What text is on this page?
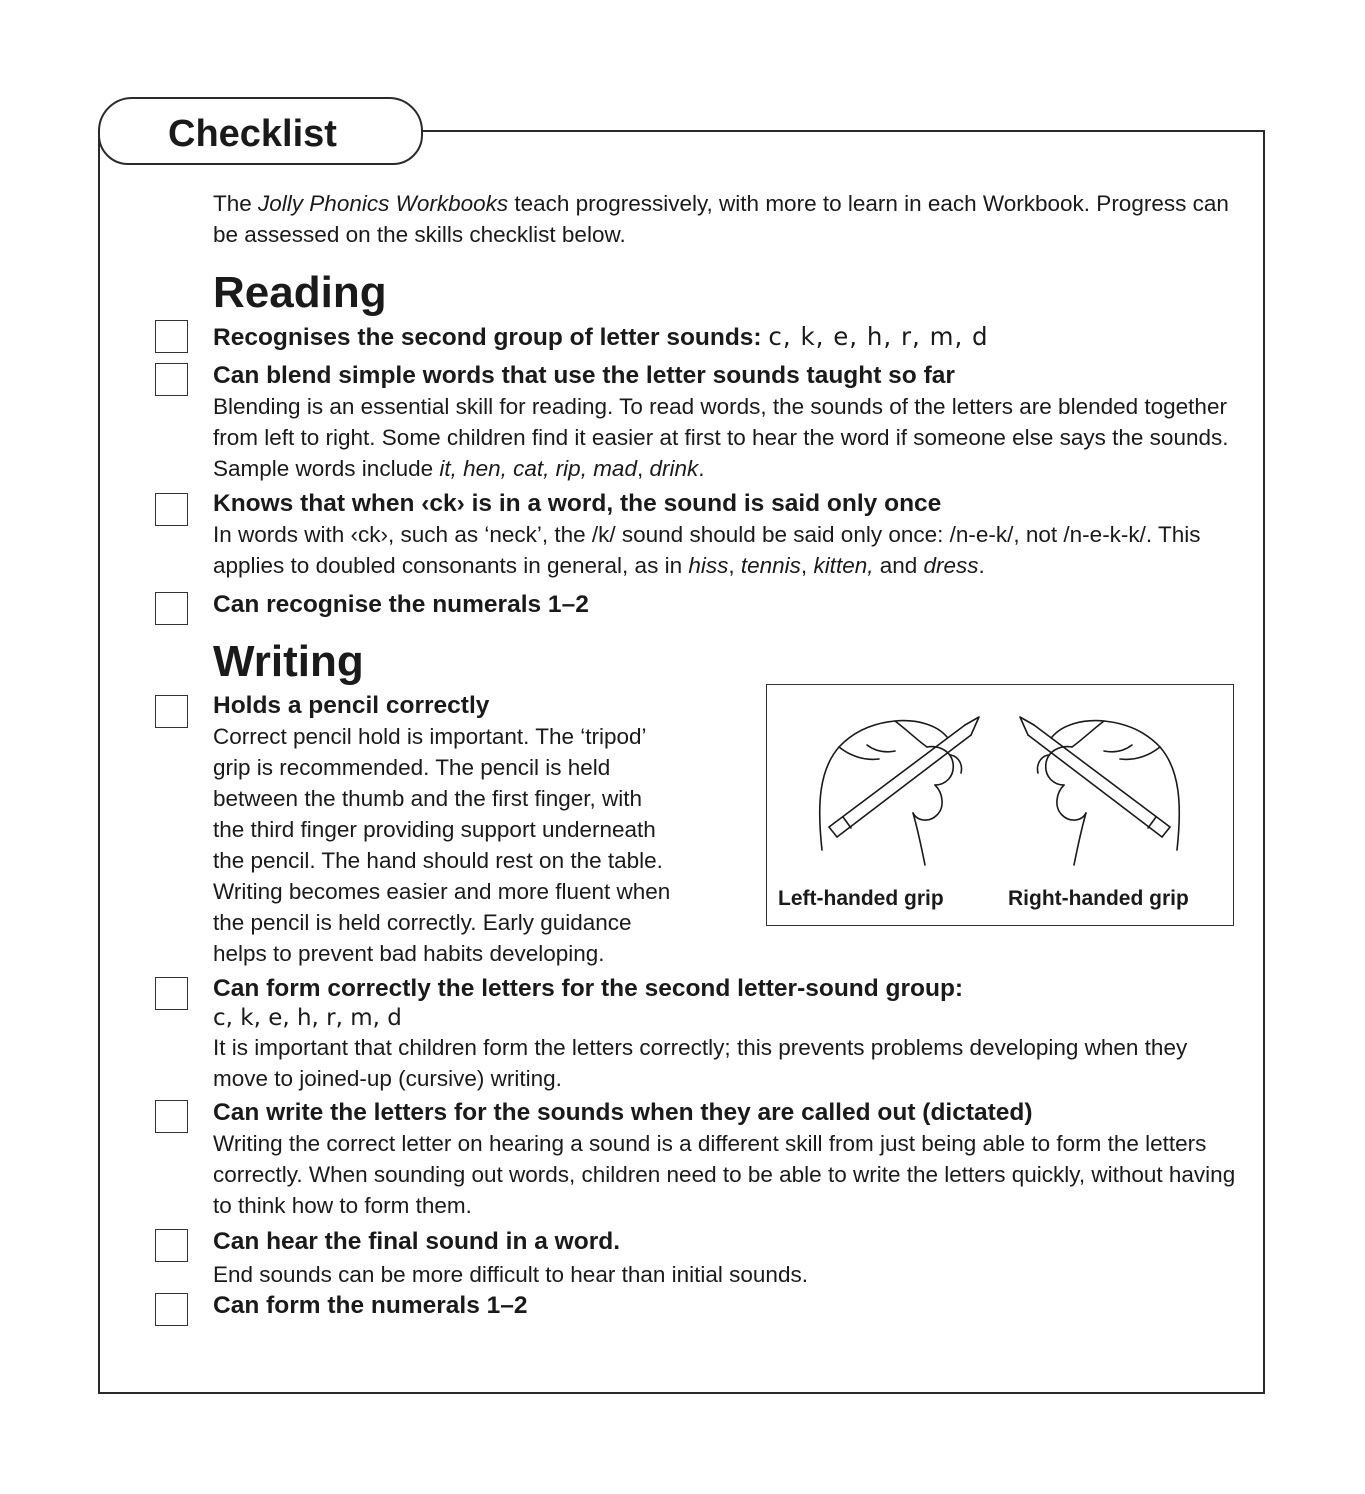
Checklist

The Jolly Phonics Workbooks teach progressively, with more to learn in each Workbook. Progress can be assessed on the skills checklist below.

Reading

Recognises the second group of letter sounds: c, k, e, h, r, m, d

Can blend simple words that use the letter sounds taught so far

Blending is an essential skill for reading. To read words, the sounds of the letters are blended together from left to right. Some children find it easier at first to hear the word if someone else says the sounds. Sample words include it, hen, cat, rip, mad, drink.

Knows that when ‹ck› is in a word, the sound is said only once

In words with ‹ck›, such as ‘neck’, the /k/ sound should be said only once: /n-e-k/, not /n-e-k-k/. This applies to doubled consonants in general, as in hiss, tennis, kitten, and dress.

Can recognise the numerals 1–2

Writing

Holds a pencil correctly

Correct pencil hold is important. The ‘tripod’

grip is recommended. The pencil is held

between the thumb and the first finger, with

the third finger providing support underneath

the pencil. The hand should rest on the table.

Writing becomes easier and more fluent when

the pencil is held correctly. Early guidance

helps to prevent bad habits developing.

Left-handed grip	Right-handed grip

Can form correctly the letters for the second letter-sound group:

c, k, e, h, r, m, d

It is important that children form the letters correctly; this prevents problems developing when they move to joined-up (cursive) writing.

Can write the letters for the sounds when they are called out (dictated)

Writing the correct letter on hearing a sound is a different skill from just being able to form the letters correctly. When sounding out words, children need to be able to write the letters quickly, without having to think how to form them.

Can hear the final sound in a word.

End sounds can be more difficult to hear than initial sounds.

Can form the numerals 1–2
